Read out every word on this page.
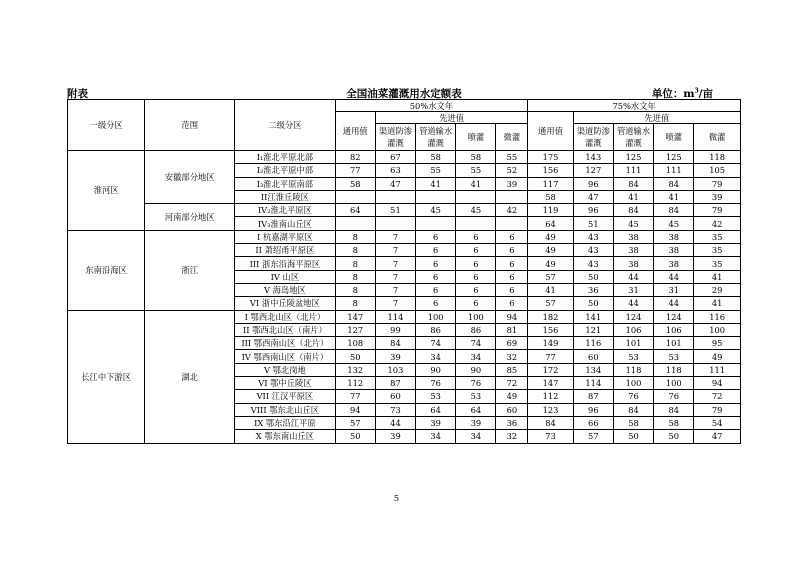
附表	全国油菜灌溉用水定额表	单位：$m^3/$亩
一级分区	范围	二级分区	50%水文年					75%水文年				
			通用值	先进值				通用值	先进值			
				渠道防渗灌溉	管道输水灌溉	喷灌	微灌		渠道防渗灌溉	管道输水灌溉	喷灌	微灌
淮河区	安徽部分地区	I₁淮北平原北部	82	67	58	58	55	175	143	125	125	118
		I₂淮北平原中部	77	63	55	55	52	156	127	111	111	105
		I₃淮北平原南部	58	47	41	41	39	117	96	84	84	79
		II江淮丘陵区						58	47	41	41	39
	河南部分地区	IV₂淮北平原区	64	51	45	45	42	119	96	84	84	79
		IV₃淮南山丘区						64	51	45	45	42
东南沿海区	浙江	I 杭嘉湖平原区	8	7	6	6	6	49	43	38	38	35
		II 萧绍甬平原区	8	7	6	6	6	49	43	38	38	35
		III 浙东沿海平原区	8	7	6	6	6	49	43	38	38	35
		IV 山区	8	7	6	6	6	57	50	44	44	41
		V 海岛地区	8	7	6	6	6	41	36	31	31	29
		VI 浙中丘陵盆地区	8	7	6	6	6	57	50	44	44	41
长江中下游区	湖北	I 鄂西北山区（北片）	147	114	100	100	94	182	141	124	124	116
		II 鄂西北山区（南片）	127	99	86	86	81	156	121	106	106	100
		III 鄂西南山区（北片）	108	84	74	74	69	149	116	101	101	95
		IV 鄂西南山区（南片）	50	39	34	34	32	77	60	53	53	49
		V 鄂北岗地	132	103	90	90	85	172	134	118	118	111
		VI 鄂中丘陵区	112	87	76	76	72	147	114	100	100	94
		VII 江汉平原区	77	60	53	53	49	112	87	76	76	72
		VIII 鄂东北山丘区	94	73	64	64	60	123	96	84	84	79
		IX 鄂东沿江平原	57	44	39	39	36	84	66	58	58	54
		X 鄂东南山丘区	50	39	34	34	32	73	57	50	50	47
5
